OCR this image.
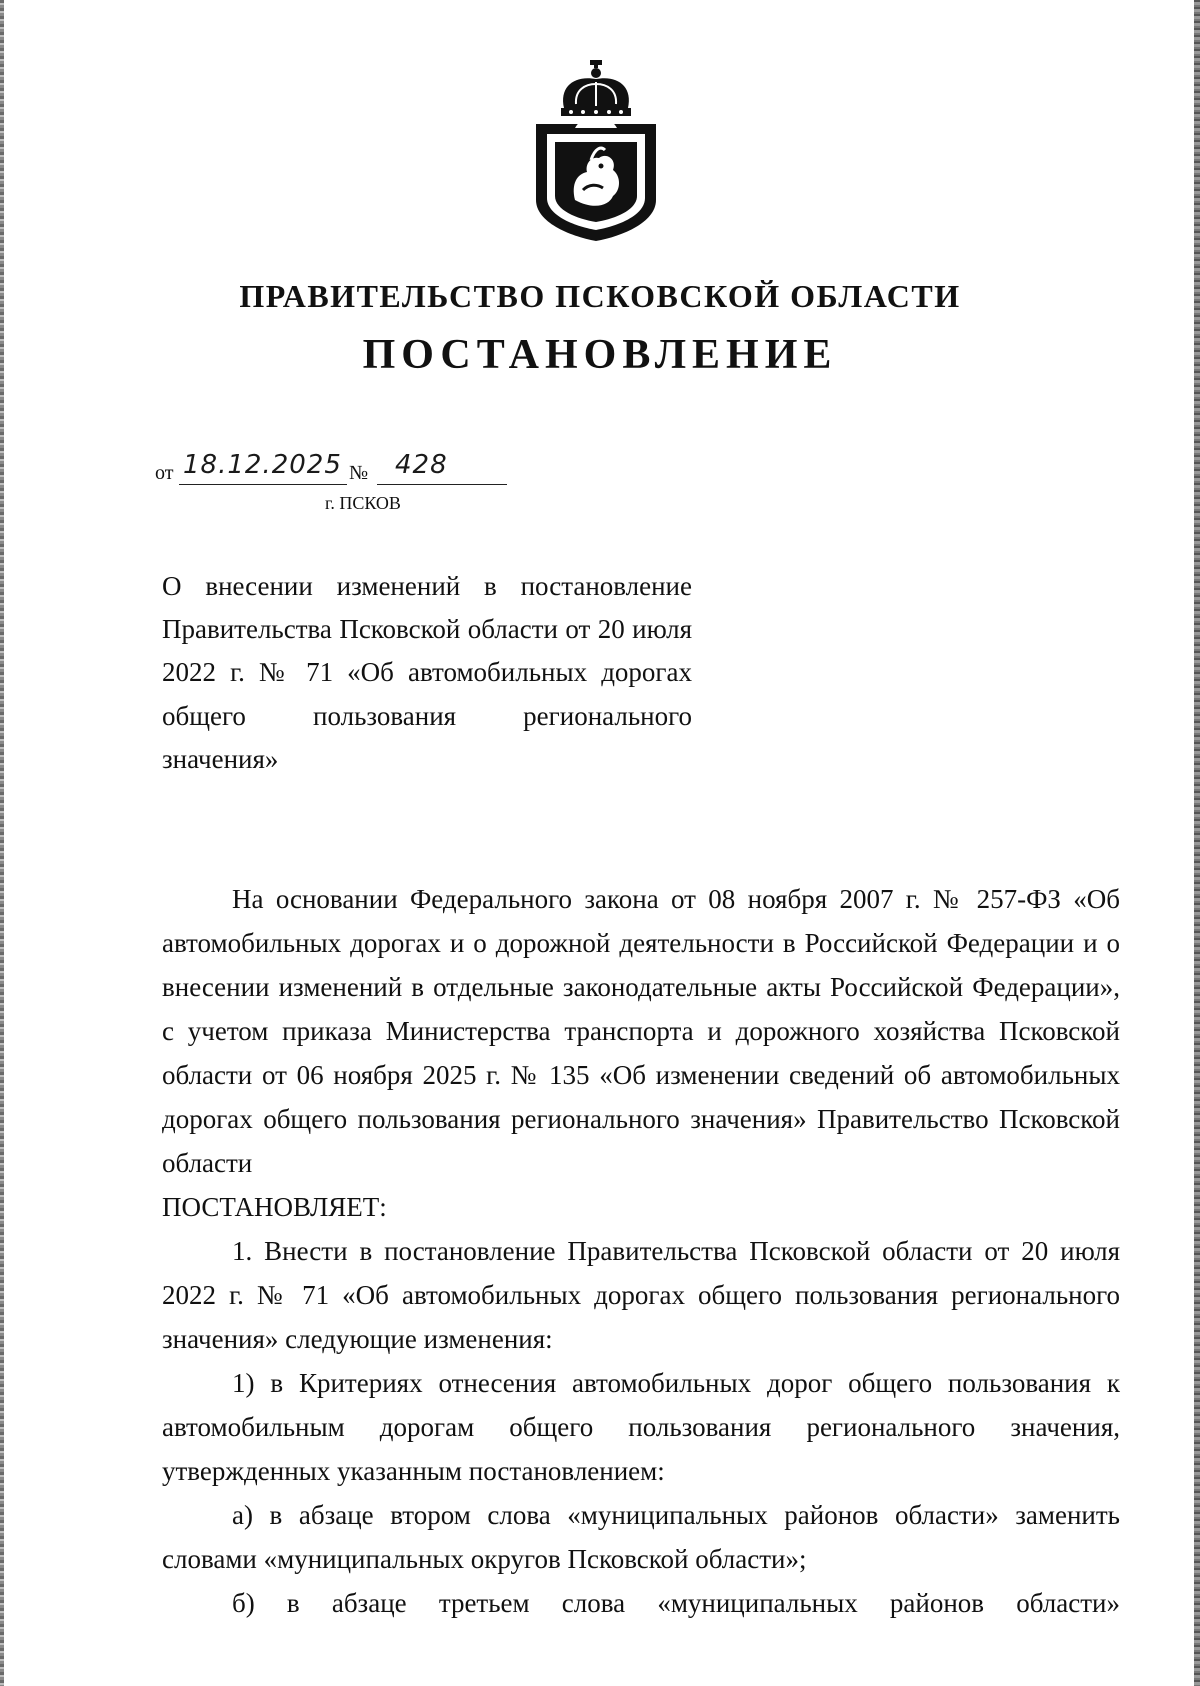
ПРАВИТЕЛЬСТВО ПСКОВСКОЙ ОБЛАСТИ
ПОСТАНОВЛЕНИЕ
от 18.12.2025 № 428
г. ПСКОВ
О внесении изменений в постановление Правительства Псковской области от 20 июля 2022 г. № 71 «Об автомобильных дорогах общего пользования регионального значения»

На основании Федерального закона от 08 ноября 2007 г. № 257-ФЗ «Об автомобильных дорогах и о дорожной деятельности в Российской Федерации и о внесении изменений в отдельные законодательные акты Российской Федерации», с учетом приказа Министерства транспорта и дорожного хозяйства Псковской области от 06 ноября 2025 г. № 135 «Об изменении сведений об автомобильных дорогах общего пользования регионального значения» Правительство Псковской области

ПОСТАНОВЛЯЕТ:

1. Внести в постановление Правительства Псковской области от 20 июля 2022 г. № 71 «Об автомобильных дорогах общего пользования регионального значения» следующие изменения:

1) в Критериях отнесения автомобильных дорог общего пользования к автомобильным дорогам общего пользования регионального значения, утвержденных указанным постановлением:

а) в абзаце втором слова «муниципальных районов области» заменить словами «муниципальных округов Псковской области»;

б) в абзаце третьем слова «муниципальных районов области»
